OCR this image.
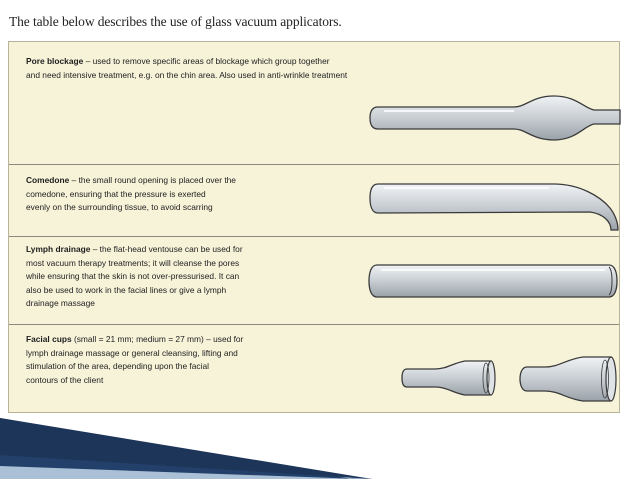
The table below describes the use of glass vacuum applicators.
Pore blockage – used to remove specific areas of blockage which group together
and need intensive treatment, e.g. on the chin area. Also used in anti-wrinkle treatment
Comedone – the small round opening is placed over the
comedone, ensuring that the pressure is exerted
evenly on the surrounding tissue, to avoid scarring
Lymph drainage – the flat-head ventouse can be used for
most vacuum therapy treatments; it will cleanse the pores
while ensuring that the skin is not over-pressurised. It can
also be used to work in the facial lines or give a lymph
drainage massage
Facial cups (small = 21 mm; medium = 27 mm) – used for
lymph drainage massage or general cleansing, lifting and
stimulation of the area, depending upon the facial
contours of the client
